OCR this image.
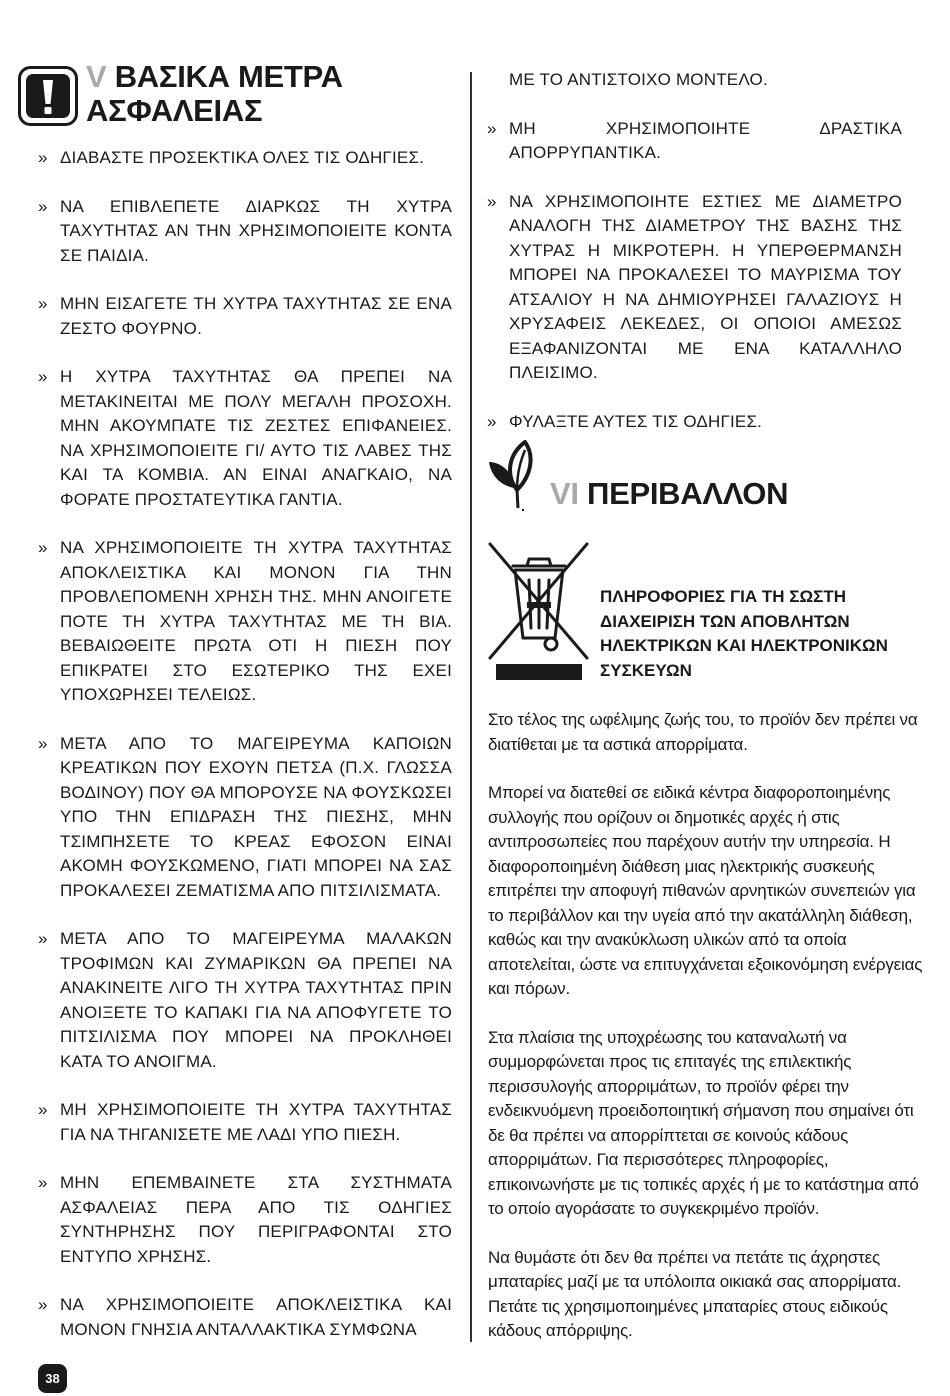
V ΒΑΣΙΚΑ ΜΕΤΡΑ
ΑΣΦΑΛΕΙΑΣ
» ΔΙΑΒΑΣΤΕ ΠΡΟΣΕΚΤΙΚΑ ΟΛΕΣ ΤΙΣ ΟΔΗΓΙΕΣ.
» ΝΑ ΕΠΙΒΛΕΠΕΤΕ ΔΙΑΡΚΩΣ ΤΗ ΧΥΤΡΑ ΤΑΧΥΤΗΤΑΣ ΑΝ ΤΗΝ ΧΡΗΣΙΜΟΠΟΙΕΙΤΕ ΚΟΝΤΑ ΣΕ ΠΑΙΔΙΑ.
» ΜΗΝ ΕΙΣΑΓΕΤΕ ΤΗ ΧΥΤΡΑ ΤΑΧΥΤΗΤΑΣ ΣΕ ΕΝΑ ΖΕΣΤΟ ΦΟΥΡΝΟ.
» Η ΧΥΤΡΑ ΤΑΧΥΤΗΤΑΣ ΘΑ ΠΡΕΠΕΙ ΝΑ ΜΕΤΑΚΙΝΕΙΤΑΙ ΜΕ ΠΟΛΥ ΜΕΓΑΛΗ ΠΡΟΣΟΧΗ. ΜΗΝ ΑΚΟΥΜΠΑΤΕ ΤΙΣ ΖΕΣΤΕΣ ΕΠΙΦΑΝΕΙΕΣ. ΝΑ ΧΡΗΣΙΜΟΠΟΙΕΙΤΕ ΓΙ/ ΑΥΤΟ ΤΙΣ ΛΑΒΕΣ ΤΗΣ ΚΑΙ ΤΑ ΚΟΜΒΙΑ. ΑΝ ΕΙΝΑΙ ΑΝΑΓΚΑΙΟ, ΝΑ ΦΟΡΑΤΕ ΠΡΟΣΤΑΤΕΥΤΙΚΑ ΓΑΝΤΙΑ.
» ΝΑ ΧΡΗΣΙΜΟΠΟΙΕΙΤΕ ΤΗ ΧΥΤΡΑ ΤΑΧΥΤΗΤΑΣ ΑΠΟΚΛΕΙΣΤΙΚΑ ΚΑΙ ΜΟΝΟΝ ΓΙΑ ΤΗΝ ΠΡΟΒΛΕΠΟΜΕΝΗ ΧΡΗΣΗ ΤΗΣ. ΜΗΝ ΑΝΟΙΓΕΤΕ ΠΟΤΕ ΤΗ ΧΥΤΡΑ ΤΑΧΥΤΗΤΑΣ ΜΕ ΤΗ ΒΙΑ. ΒΕΒΑΙΩΘΕΙΤΕ ΠΡΩΤΑ ΟΤΙ Η ΠΙΕΣΗ ΠΟΥ ΕΠΙΚΡΑΤΕΙ ΣΤΟ ΕΣΩΤΕΡΙΚΟ ΤΗΣ ΕΧΕΙ ΥΠΟΧΩΡΗΣΕΙ ΤΕΛΕΙΩΣ.
» ΜΕΤΑ ΑΠΟ ΤΟ ΜΑΓΕΙΡΕΥΜΑ ΚΑΠΟΙΩΝ ΚΡΕΑΤΙΚΩΝ ΠΟΥ ΕΧΟΥΝ ΠΕΤΣΑ (Π.Χ. ΓΛΩΣΣΑ ΒΟΔΙΝΟΥ) ΠΟΥ ΘΑ ΜΠΟΡΟΥΣΕ ΝΑ ΦΟΥΣΚΩΣΕΙ ΥΠΟ ΤΗΝ ΕΠΙΔΡΑΣΗ ΤΗΣ ΠΙΕΣΗΣ, ΜΗΝ ΤΣΙΜΠΗΣΕΤΕ ΤΟ ΚΡΕΑΣ ΕΦΟΣΟΝ ΕΙΝΑΙ ΑΚΟΜΗ ΦΟΥΣΚΩΜΕΝΟ, ΓΙΑΤΙ ΜΠΟΡΕΙ ΝΑ ΣΑΣ ΠΡΟΚΑΛΕΣΕΙ ΖΕΜΑΤΙΣΜΑ ΑΠΟ ΠΙΤΣΙΛΙΣΜΑΤΑ.
» ΜΕΤΑ ΑΠΟ ΤΟ ΜΑΓΕΙΡΕΥΜΑ ΜΑΛΑΚΩΝ ΤΡΟΦΙΜΩΝ ΚΑΙ ΖΥΜΑΡΙΚΩΝ ΘΑ ΠΡΕΠΕΙ ΝΑ ΑΝΑΚΙΝΕΙΤΕ ΛΙΓΟ ΤΗ ΧΥΤΡΑ ΤΑΧΥΤΗΤΑΣ ΠΡΙΝ ΑΝΟΙΞΕΤΕ ΤΟ ΚΑΠΑΚΙ ΓΙΑ ΝΑ ΑΠΟΦΥΓΕΤΕ ΤΟ ΠΙΤΣΙΛΙΣΜΑ ΠΟΥ ΜΠΟΡΕΙ ΝΑ ΠΡΟΚΛΗΘΕΙ ΚΑΤΑ ΤΟ ΑΝΟΙΓΜΑ.
» ΜΗ ΧΡΗΣΙΜΟΠΟΙΕΙΤΕ ΤΗ ΧΥΤΡΑ ΤΑΧΥΤΗΤΑΣ ΓΙΑ ΝΑ ΤΗΓΑΝΙΣΕΤΕ ΜΕ ΛΑΔΙ ΥΠΟ ΠΙΕΣΗ.
» ΜΗΝ ΕΠΕΜΒΑΙΝΕΤΕ ΣΤΑ ΣΥΣΤΗΜΑΤΑ ΑΣΦΑΛΕΙΑΣ ΠΕΡΑ ΑΠΟ ΤΙΣ ΟΔΗΓΙΕΣ ΣΥΝΤΗΡΗΣΗΣ ΠΟΥ ΠΕΡΙΓΡΑΦΟΝΤΑΙ ΣΤΟ ΕΝΤΥΠΟ ΧΡΗΣΗΣ.
» ΝΑ ΧΡΗΣΙΜΟΠΟΙΕΙΤΕ ΑΠΟΚΛΕΙΣΤΙΚΑ ΚΑΙ ΜΟΝΟΝ ΓΝΗΣΙΑ ΑΝΤΑΛΛΑΚΤΙΚΑ ΣΥΜΦΩΝΑ
ΜΕ ΤΟ ΑΝΤΙΣΤΟΙΧΟ ΜΟΝΤΕΛΟ.
» ΜΗ ΧΡΗΣΙΜΟΠΟΙΗΤΕ ΔΡΑΣΤΙΚΑ ΑΠΟΡΡΥΠΑΝΤΙΚΑ.
» ΝΑ ΧΡΗΣΙΜΟΠΟΙΗΤΕ ΕΣΤΙΕΣ ΜΕ ΔΙΑΜΕΤΡΟ ΑΝΑΛΟΓΗ ΤΗΣ ΔΙΑΜΕΤΡΟΥ ΤΗΣ ΒΑΣΗΣ ΤΗΣ ΧΥΤΡΑΣ Η ΜΙΚΡΟΤΕΡΗ. Η ΥΠΕΡΘΕΡΜΑΝΣΗ ΜΠΟΡΕΙ ΝΑ ΠΡΟΚΑΛΕΣΕΙ ΤΟ ΜΑΥΡΙΣΜΑ ΤΟΥ ΑΤΣΑΛΙΟΥ Η ΝΑ ΔΗΜΙΟΥΡΗΣΕΙ ΓΑΛΑΖΙΟΥΣ Η ΧΡΥΣΑΦΕΙΣ ΛΕΚΕΔΕΣ, ΟΙ ΟΠΟΙΟΙ ΑΜΕΣΩΣ ΕΞΑΦΑΝΙΖΟΝΤΑΙ ΜΕ ΕΝΑ ΚΑΤΑΛΛΗΛΟ ΠΛΕΙΣΙΜΟ.
» ΦΥΛΑΞΤΕ ΑΥΤΕΣ ΤΙΣ ΟΔΗΓΙΕΣ.
VI ΠΕΡΙΒΑΛΛΟΝ
ΠΛΗΡΟΦΟΡΙΕΣ ΓΙΑ ΤΗ ΣΩΣΤΗ ΔΙΑΧΕΙΡΙΣΗ ΤΩΝ ΑΠΟΒΛΗΤΩΝ ΗΛΕΚΤΡΙΚΩΝ ΚΑΙ ΗΛΕΚΤΡΟΝΙΚΩΝ ΣΥΣΚΕΥΩΝ

Στο τέλος της ωφέλιμης ζωής του, το προϊόν δεν πρέπει να διατίθεται με τα αστικά απορρίματα.

Μπορεί να διατεθεί σε ειδικά κέντρα διαφοροποιημένης συλλογής που ορίζουν οι δημοτικές αρχές ή στις αντιπροσωπείες που παρέχουν αυτήν την υπηρεσία. Η διαφοροποιημένη διάθεση μιας ηλεκτρικής συσκευής επιτρέπει την αποφυγή πιθανών αρνητικών συνεπειών για το περιβάλλον και την υγεία από την ακατάλληλη διάθεση, καθώς και την ανακύκλωση υλικών από τα οποία αποτελείται, ώστε να επιτυγχάνεται εξοικονόμηση ενέργειας και πόρων.

Στα πλαίσια της υποχρέωσης του καταναλωτή να συμμορφώνεται προς τις επιταγές της επιλεκτικής περισσυλογής απορριμάτων, το προϊόν φέρει την ενδεικνυόμενη προειδοποιητική σήμανση που σημαίνει ότι δε θα πρέπει να απορρίπτεται σε κοινούς κάδους απορριμάτων. Για περισσότερες πληροφορίες, επικοινωνήστε με τις τοπικές αρχές ή με το κατάστημα από το οποίο αγοράσατε το συγκεκριμένο προϊόν.

Να θυμάστε ότι δεν θα πρέπει να πετάτε τις άχρηστες μπαταρίες μαζί με τα υπόλοιπα οικιακά σας απορρίματα. Πετάτε τις χρησιμοποιημένες μπαταρίες στους ειδικούς κάδους απόρριψης.

38
